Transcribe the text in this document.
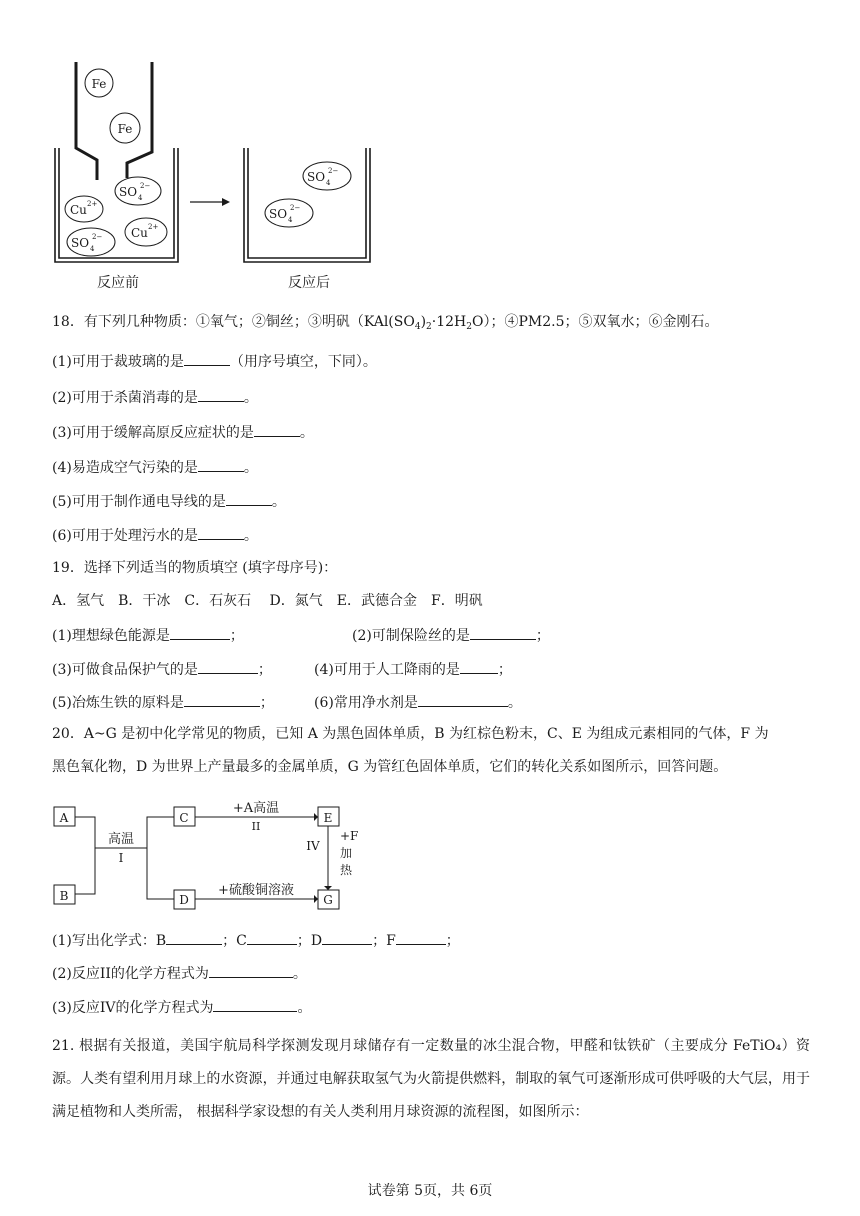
Fe
Fe
Cu 2+
SO 4
2−
Cu 2+
SO 4
2−
反应前
SO 4
2−
SO 4
2−
反应后
18．有下列几种物质：①氧气；②铜丝；③明矾$(KAl(SO_4)_2\cdot 12H_2O)$；④PM2.5；⑤双氧水；⑥金刚石。
(1)可用于裁玻璃的是	（用序号填空，下同）。
(2)可用于杀菌消毒的是	。
(3)可用于缓解高原反应症状的是	。
(4)易造成空气污染的是	。
(5)可用于制作通电导线的是	。
(6)可用于处理污水的是	。
19．选择下列适当的物质填空 (填字母序号)：
A．氢气　B．干冰　C．石灰石　 D．氮气　E．武德合金　F．明矾
(1)理想绿色能源是	；	(2)可制保险丝的是	；
(3)可做食品保护气的是	；	(4)可用于人工降雨的是	；
(5)冶炼生铁的原料是	；	(6)常用净水剂是	。
20．A~G 是初中化学常见的物质，已知 A 为黑色固体单质，B 为红棕色粉末，C、E 为组成元素相同的气体，F 为
黑色氧化物，D 为世界上产量最多的金属单质，G 为管红色固体单质，它们的转化关系如图所示，回答问题。
A
B
C
D
E
G
高温
I
+A高温
II
+硫酸铜溶液
IV
+F
加
热
(1)写出化学式：B	；C	；D	；F	；
(2)反应II的化学方程式为	。
(3)反应IV的化学方程式为	。
21. 根据有关报道，美国宇航局科学探测发现月球储存有一定数量的冰尘混合物，甲醛和钛铁矿（主要成分 FeTiO₄）资源。人类有望利用月球上的水资源，并通过电解获取氢气为火箭提供燃料，制取的氧气可逐渐形成可供呼吸的大气层，用于满足植物和人类所需， 根据科学家设想的有关人类利用月球资源的流程图，如图所示：
试卷第 5页，共 6页
